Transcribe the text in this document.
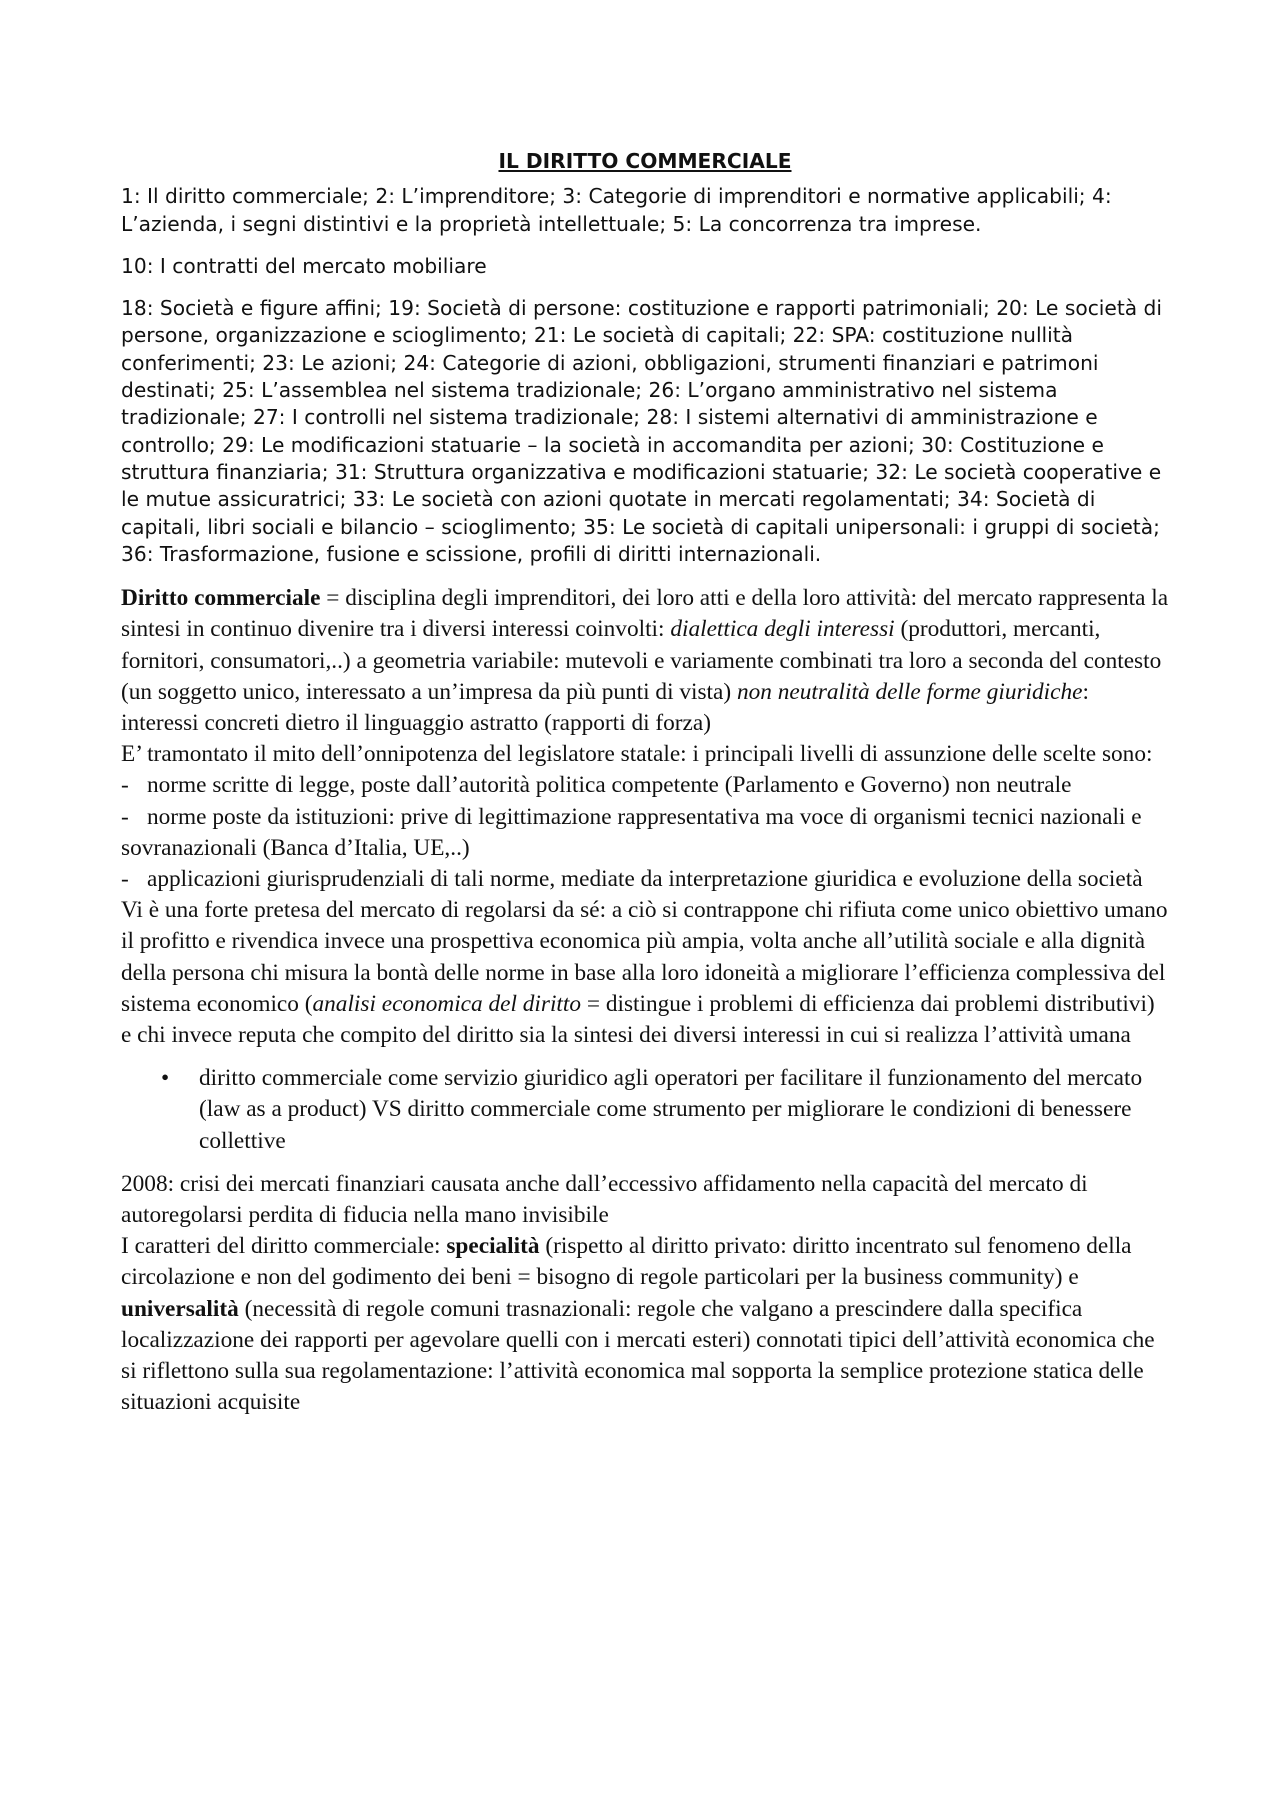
IL DIRITTO COMMERCIALE

1: Il diritto commerciale; 2: L’imprenditore; 3: Categorie di imprenditori e normative applicabili; 4: L’azienda, i segni distintivi e la proprietà intellettuale; 5: La concorrenza tra imprese.

10: I contratti del mercato mobiliare

18: Società e figure affini; 19: Società di persone: costituzione e rapporti patrimoniali; 20: Le società di persone, organizzazione e scioglimento; 21: Le società di capitali; 22: SPA: costituzione nullità conferimenti; 23: Le azioni; 24: Categorie di azioni, obbligazioni, strumenti finanziari e patrimoni destinati; 25: L’assemblea nel sistema tradizionale; 26: L’organo amministrativo nel sistema tradizionale; 27: I controlli nel sistema tradizionale; 28: I sistemi alternativi di amministrazione e controllo; 29: Le modificazioni statuarie – la società in accomandita per azioni; 30: Costituzione e struttura finanziaria; 31: Struttura organizzativa e modificazioni statuarie; 32: Le società cooperative e le mutue assicuratrici; 33: Le società con azioni quotate in mercati regolamentati; 34: Società di capitali, libri sociali e bilancio – scioglimento; 35: Le società di capitali unipersonali: i gruppi di società; 36: Trasformazione, fusione e scissione, profili di diritti internazionali.

Diritto commerciale = disciplina degli imprenditori, dei loro atti e della loro attività: del mercato rappresenta la sintesi in continuo divenire tra i diversi interessi coinvolti: dialettica degli interessi (produttori, mercanti, fornitori, consumatori,..) a geometria variabile: mutevoli e variamente combinati tra loro a seconda del contesto (un soggetto unico, interessato a un’impresa da più punti di vista) non neutralità delle forme giuridiche: interessi concreti dietro il linguaggio astratto (rapporti di forza)

E’ tramontato il mito dell’onnipotenza del legislatore statale: i principali livelli di assunzione delle scelte sono:

- norme scritte di legge, poste dall’autorità politica competente (Parlamento e Governo) non neutrale

- norme poste da istituzioni: prive di legittimazione rappresentativa ma voce di organismi tecnici nazionali e sovranazionali (Banca d’Italia, UE,..)

- applicazioni giurisprudenziali di tali norme, mediate da interpretazione giuridica e evoluzione della società

Vi è una forte pretesa del mercato di regolarsi da sé: a ciò si contrappone chi rifiuta come unico obiettivo umano il profitto e rivendica invece una prospettiva economica più ampia, volta anche all’utilità sociale e alla dignità della persona chi misura la bontà delle norme in base alla loro idoneità a migliorare l’efficienza complessiva del sistema economico (analisi economica del diritto = distingue i problemi di efficienza dai problemi distributivi) e chi invece reputa che compito del diritto sia la sintesi dei diversi interessi in cui si realizza l’attività umana

• diritto commerciale come servizio giuridico agli operatori per facilitare il funzionamento del mercato (law as a product) VS diritto commerciale come strumento per migliorare le condizioni di benessere collettive

2008: crisi dei mercati finanziari causata anche dall’eccessivo affidamento nella capacità del mercato di autoregolarsi perdita di fiducia nella mano invisibile

I caratteri del diritto commerciale: specialità (rispetto al diritto privato: diritto incentrato sul fenomeno della circolazione e non del godimento dei beni = bisogno di regole particolari per la business community) e universalità (necessità di regole comuni trasnazionali: regole che valgano a prescindere dalla specifica localizzazione dei rapporti per agevolare quelli con i mercati esteri) connotati tipici dell’attività economica che si riflettono sulla sua regolamentazione: l’attività economica mal sopporta la semplice protezione statica delle situazioni acquisite
